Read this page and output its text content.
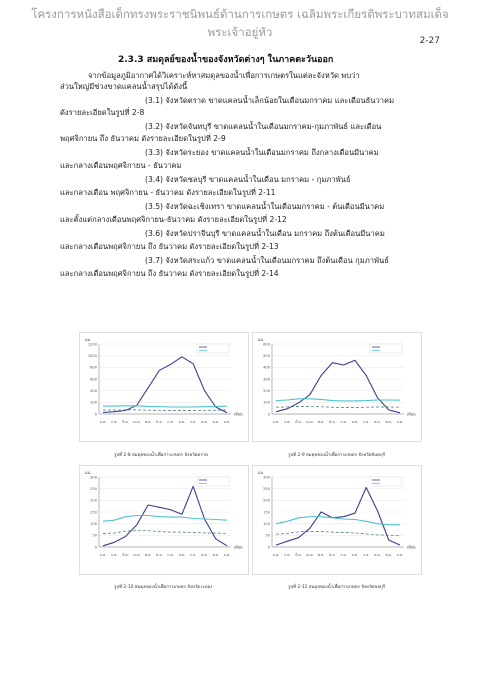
โครงการหนังสือเด็กทรงพระราชนิพนธ์ด้านการเกษตร เฉลิมพระเกียรติพระบาทสมเด็จพระเจ้าอยู่หัว
2-27
2.3.3 สมดุลย์ของน้ำของจังหวัดต่างๆ ในภาคตะวันออก
จากข้อมูลภูมิอากาศได้วิเคราะห์หาสมดุลของน้ำเพื่อการเกษตรในแต่ละจังหวัด พบว่า
ส่วนใหญ่มีช่วงขาดแคลนน้ำสรุปได้ดังนี้
(3.1) จังหวัดตราด ขาดแคลนน้ำเล็กน้อยในเดือนมกราคม และเดือนธันวาคม
ดังรายละเอียดในรูปที่ 2-8
(3.2) จังหวัดจันทบุรี ขาดแคลนน้ำในเดือนมกราคม-กุมภาพันธ์ และเดือน
พฤศจิกายน ถึง ธันวาคม ดังรายละเอียดในรูปที่ 2-9
(3.3) จังหวัดระยอง ขาดแคลนน้ำในเดือนมกราคม ถึงกลางเดือนมีนาคม
และกลางเดือนพฤศจิกายน - ธันวาคม
(3.4) จังหวัดชลบุรี ขาดแคลนน้ำในเดือน มกราคม - กุมภาพันธ์
และกลางเดือน พฤศจิกายน - ธันวาคม ดังรายละเอียดในรูปที่ 2-11
(3.5) จังหวัดฉะเชิงเทรา ขาดแคลนน้ำในเดือนมกราคม - ต้นเดือนมีนาคม
และตั้งแต่กลางเดือนพฤศจิกายน-ธันวาคม ดังรายละเอียดในรูปที่ 2-12
(3.6) จังหวัดปราจีนบุรี ขาดแคลนน้ำในเดือน มกราคม ถึงต้นเดือนมีนาคม
และกลางเดือนพฤศจิกายน ถึง ธันวาคม ดังรายละเอียดในรูปที่ 2-13
(3.7) จังหวัดสระแก้ว ขาดแคลนน้ำในเดือนมกราคม ถึงต้นเดือน กุมภาพันธ์
และกลางเดือนพฤศจิกายน ถึง ธันวาคม ดังรายละเอียดในรูปที่ 2-14
1200
1000
800
600
400
200
0
มม.
เดือน
ม.ค. ก.พ. มี.ค. เม.ย. พ.ค. มิ.ย. ก.ค. ส.ค. ก.ย. ต.ค. พ.ย. ธ.ค.
600
500
400
300
200
100
0
มม.
เดือน
ม.ค. ก.พ. มี.ค. เม.ย. พ.ค. มิ.ย. ก.ค. ส.ค. ก.ย. ต.ค. พ.ย. ธ.ค.
300
250
200
150
100
50
0
มม.
เดือน
ม.ค. ก.พ. มี.ค. เม.ย. พ.ค. มิ.ย. ก.ค. ส.ค. ก.ย. ต.ค. พ.ย. ธ.ค.
300
250
200
150
100
50
0
มม.
เดือน
ม.ค. ก.พ. มี.ค. เม.ย. พ.ค. มิ.ย. ก.ค. ส.ค. ก.ย. ต.ค. พ.ย. ธ.ค.
รูปที่ 2-8 สมดุลของน้ำเพื่อการเกษตร จังหวัดตราด	รูปที่ 2-9 สมดุลของน้ำเพื่อการเกษตร จังหวัดจันทบุรี
รูปที่ 2-10 สมดุลของน้ำเพื่อการเกษตร จังหวัดระยอง	รูปที่ 2-11 สมดุลของน้ำเพื่อการเกษตร จังหวัดชลบุรี
